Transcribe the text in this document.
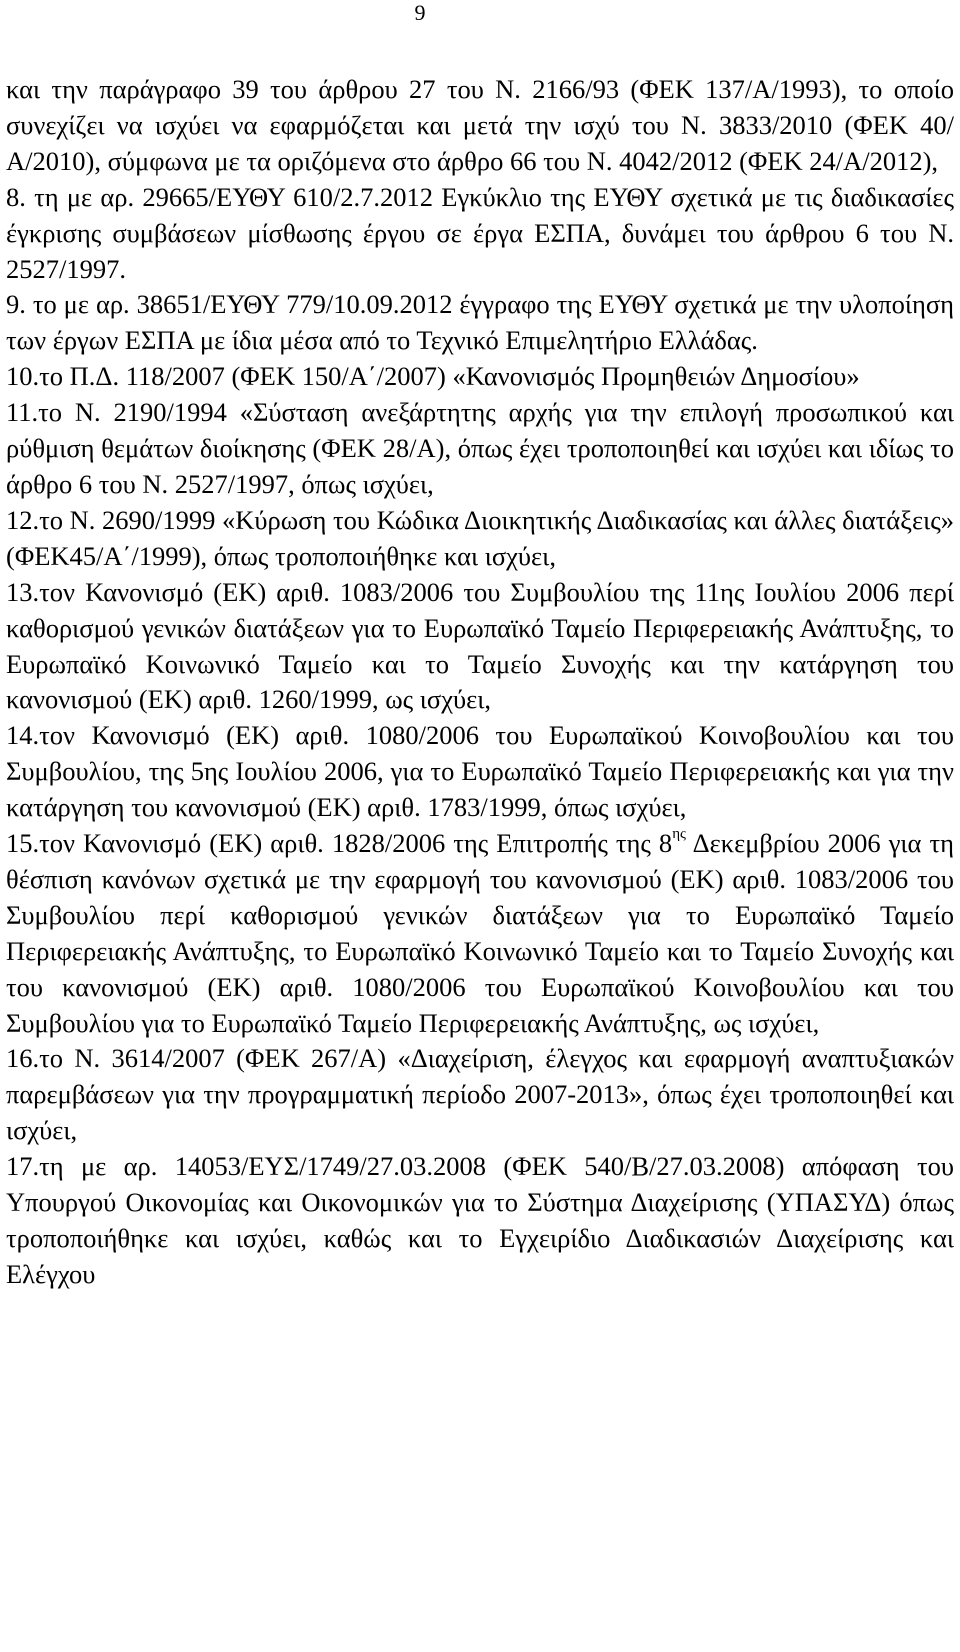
9

και την παράγραφο 39 του άρθρου 27 του Ν. 2166/93 (ΦΕΚ 137/Α/1993), το οποίο συνεχίζει να ισχύει να εφαρμόζεται και μετά την ισχύ του Ν. 3833/2010 (ΦΕΚ 40/Α/2010), σύμφωνα με τα οριζόμενα στο άρθρο 66 του Ν. 4042/2012 (ΦΕΚ 24/Α/2012),

8. τη με αρ. 29665/ΕΥΘΥ 610/2.7.2012 Εγκύκλιο της ΕΥΘΥ σχετικά με τις διαδικασίες έγκρισης συμβάσεων μίσθωσης έργου σε έργα ΕΣΠΑ, δυνάμει του άρθρου 6 του Ν. 2527/1997.

9. το με αρ. 38651/ΕΥΘΥ 779/10.09.2012 έγγραφο της ΕΥΘΥ σχετικά με την υλοποίηση των έργων ΕΣΠΑ με ίδια μέσα από το Τεχνικό Επιμελητήριο Ελλάδας.

10.το Π.Δ. 118/2007 (ΦΕΚ 150/Α΄/2007) «Κανονισμός Προμηθειών Δημοσίου»

11.το Ν. 2190/1994 «Σύσταση ανεξάρτητης αρχής για την επιλογή προσωπικού και ρύθμιση θεμάτων διοίκησης (ΦΕΚ 28/Α), όπως έχει τροποποιηθεί και ισχύει και ιδίως το άρθρο 6 του Ν. 2527/1997, όπως ισχύει,

12.το Ν. 2690/1999 «Κύρωση του Κώδικα Διοικητικής Διαδικασίας και άλλες διατάξεις» (ΦΕΚ45/Α΄/1999), όπως τροποποιήθηκε και ισχύει,

13.τον Κανονισμό (ΕΚ) αριθ. 1083/2006 του Συμβουλίου της 11ης Ιουλίου 2006 περί καθορισμού γενικών διατάξεων για το Ευρωπαϊκό Ταμείο Περιφερειακής Ανάπτυξης, το Ευρωπαϊκό Κοινωνικό Ταμείο και το Ταμείο Συνοχής και την κατάργηση του κανονισμού (ΕΚ) αριθ. 1260/1999, ως ισχύει,

14.τον Κανονισμό (ΕΚ) αριθ. 1080/2006 του Ευρωπαϊκού Κοινοβουλίου και του Συμβουλίου, της 5ης Ιουλίου 2006, για το Ευρωπαϊκό Ταμείο Περιφερειακής και για την κατάργηση του κανονισμού (ΕΚ) αριθ. 1783/1999, όπως ισχύει,

15.τον Κανονισμό (ΕΚ) αριθ. 1828/2006 της Επιτροπής της $8^{\eta\varsigma}$ Δεκεμβρίου 2006 για τη θέσπιση κανόνων σχετικά με την εφαρμογή του κανονισμού (ΕΚ) αριθ. 1083/2006 του Συμβουλίου περί καθορισμού γενικών διατάξεων για το Ευρωπαϊκό Ταμείο Περιφερειακής Ανάπτυξης, το Ευρωπαϊκό Κοινωνικό Ταμείο και το Ταμείο Συνοχής και του κανονισμού (ΕΚ) αριθ. 1080/2006 του Ευρωπαϊκού Κοινοβουλίου και του Συμβουλίου για το Ευρωπαϊκό Ταμείο Περιφερειακής Ανάπτυξης, ως ισχύει,

16.το Ν. 3614/2007 (ΦΕΚ 267/Α) «Διαχείριση, έλεγχος και εφαρμογή αναπτυξιακών παρεμβάσεων για την προγραμματική περίοδο 2007-2013», όπως έχει τροποποιηθεί και ισχύει,

17.τη με αρ. 14053/ΕΥΣ/1749/27.03.2008 (ΦΕΚ 540/Β/27.03.2008) απόφαση του Υπουργού Οικονομίας και Οικονομικών για το Σύστημα Διαχείρισης (ΥΠΑΣΥΔ) όπως τροποποιήθηκε και ισχύει, καθώς και το Εγχειρίδιο Διαδικασιών Διαχείρισης και Ελέγχου
